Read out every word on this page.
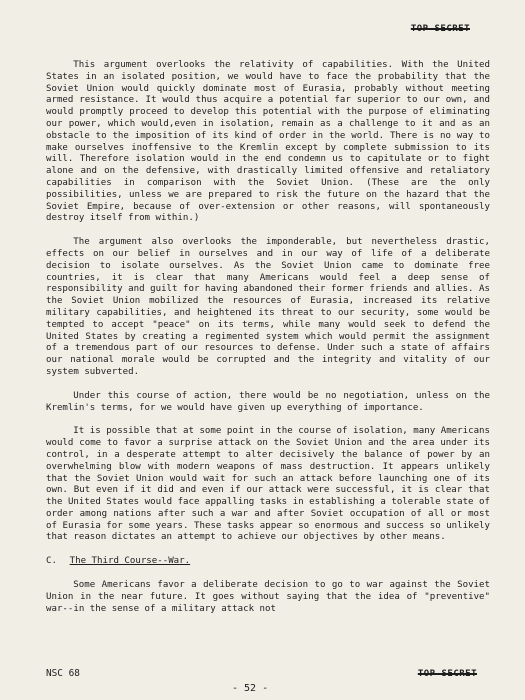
TOP SECRET

This argument overlooks the relativity of capabilities. With the United States in an isolated position, we would have to face the probability that the Soviet Union would quickly dominate most of Eurasia, probably without meeting armed resistance. It would thus acquire a potential far superior to our own, and would promptly proceed to develop this potential with the purpose of eliminating our power, which would,even in isolation, remain as a challenge to it and as an obstacle to the imposition of its kind of order in the world. There is no way to make ourselves inoffensive to the Kremlin except by complete submission to its will. Therefore isolation would in the end condemn us to capitulate or to fight alone and on the defensive, with drastically limited offensive and retaliatory capabilities in comparison with the Soviet Union. (These are the only possibilities, unless we are prepared to risk the future on the hazard that the Soviet Empire, because of over-extension or other reasons, will spontaneously destroy itself from within.)

The argument also overlooks the imponderable, but nevertheless drastic, effects on our belief in ourselves and in our way of life of a deliberate decision to isolate ourselves. As the Soviet Union came to dominate free countries, it is clear that many Americans would feel a deep sense of responsibility and guilt for having abandoned their former friends and allies. As the Soviet Union mobilized the resources of Eurasia, increased its relative military capabilities, and heightened its threat to our security, some would be tempted to accept "peace" on its terms, while many would seek to defend the United States by creating a regimented system which would permit the assignment of a tremendous part of our resources to defense. Under such a state of affairs our national morale would be corrupted and the integrity and vitality of our system subverted.

Under this course of action, there would be no negotiation, unless on the Kremlin's terms, for we would have given up everything of importance.

It is possible that at some point in the course of isolation, many Americans would come to favor a surprise attack on the Soviet Union and the area under its control, in a desperate attempt to alter decisively the balance of power by an overwhelming blow with modern weapons of mass destruction. It appears unlikely that the Soviet Union would wait for such an attack before launching one of its own. But even if it did and even if our attack were successful, it is clear that the United States would face appalling tasks in establishing a tolerable state of order among nations after such a war and after Soviet occupation of all or most of Eurasia for some years. These tasks appear so enormous and success so unlikely that reason dictates an attempt to achieve our objectives by other means.

C. The Third Course--War.

Some Americans favor a deliberate decision to go to war against the Soviet Union in the near future. It goes without saying that the idea of "preventive" war--in the sense of a military attack not

NSC 68
- 52 -
TOP SECRET
